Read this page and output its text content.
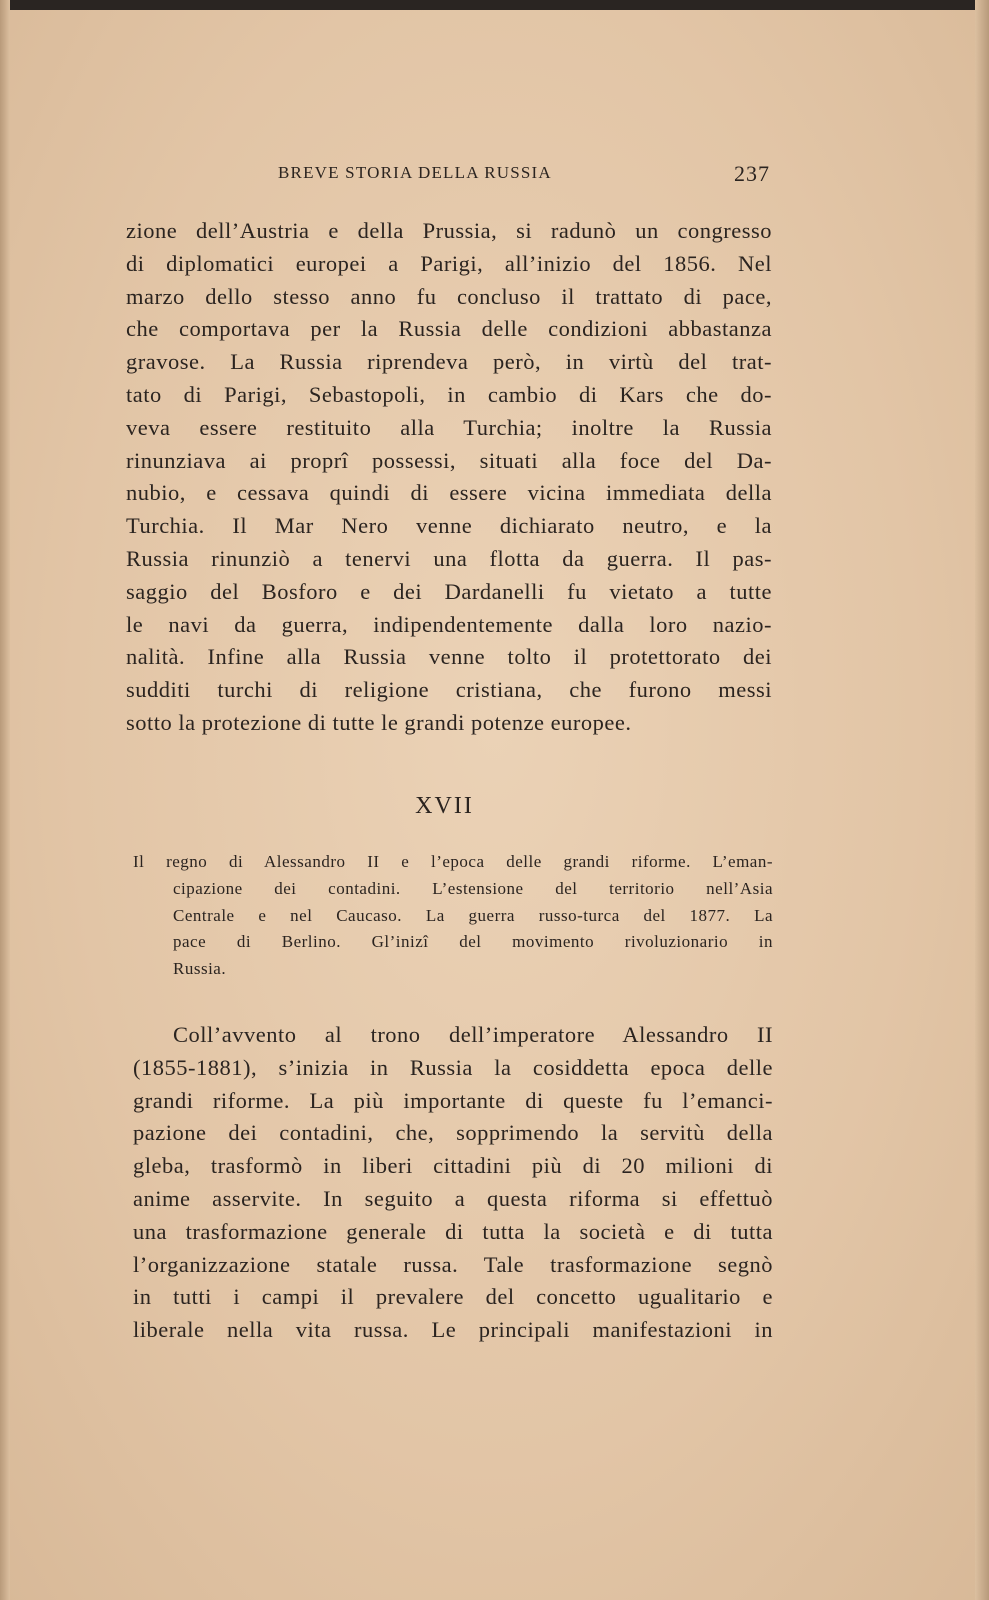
BREVE STORIA DELLA RUSSIA	237
zione dell’Austria e della Prussia, si radunò un congresso
di diplomatici europei a Parigi, all’inizio del 1856. Nel
marzo dello stesso anno fu concluso il trattato di pace,
che comportava per la Russia delle condizioni abbastanza
gravose. La Russia riprendeva però, in virtù del trat-
tato di Parigi, Sebastopoli, in cambio di Kars che do-
veva essere restituito alla Turchia; inoltre la Russia
rinunziava ai proprî possessi, situati alla foce del Da-
nubio, e cessava quindi di essere vicina immediata della
Turchia. Il Mar Nero venne dichiarato neutro, e la
Russia rinunziò a tenervi una flotta da guerra. Il pas-
saggio del Bosforo e dei Dardanelli fu vietato a tutte
le navi da guerra, indipendentemente dalla loro nazio-
nalità. Infine alla Russia venne tolto il protettorato dei
sudditi turchi di religione cristiana, che furono messi
sotto la protezione di tutte le grandi potenze europee.
XVII
Il regno di Alessandro II e l’epoca delle grandi riforme. L’eman-
cipazione dei contadini. L’estensione del territorio nell’Asia
Centrale e nel Caucaso. La guerra russo-turca del 1877. La
pace di Berlino. Gl’inizî del movimento rivoluzionario in
Russia.
Coll’avvento al trono dell’imperatore Alessandro II
(1855-1881), s’inizia in Russia la cosiddetta epoca delle
grandi riforme. La più importante di queste fu l’emanci-
pazione dei contadini, che, sopprimendo la servitù della
gleba, trasformò in liberi cittadini più di 20 milioni di
anime asservite. In seguito a questa riforma si effettuò
una trasformazione generale di tutta la società e di tutta
l’organizzazione statale russa. Tale trasformazione segnò
in tutti i campi il prevalere del concetto ugualitario e
liberale nella vita russa. Le principali manifestazioni in
